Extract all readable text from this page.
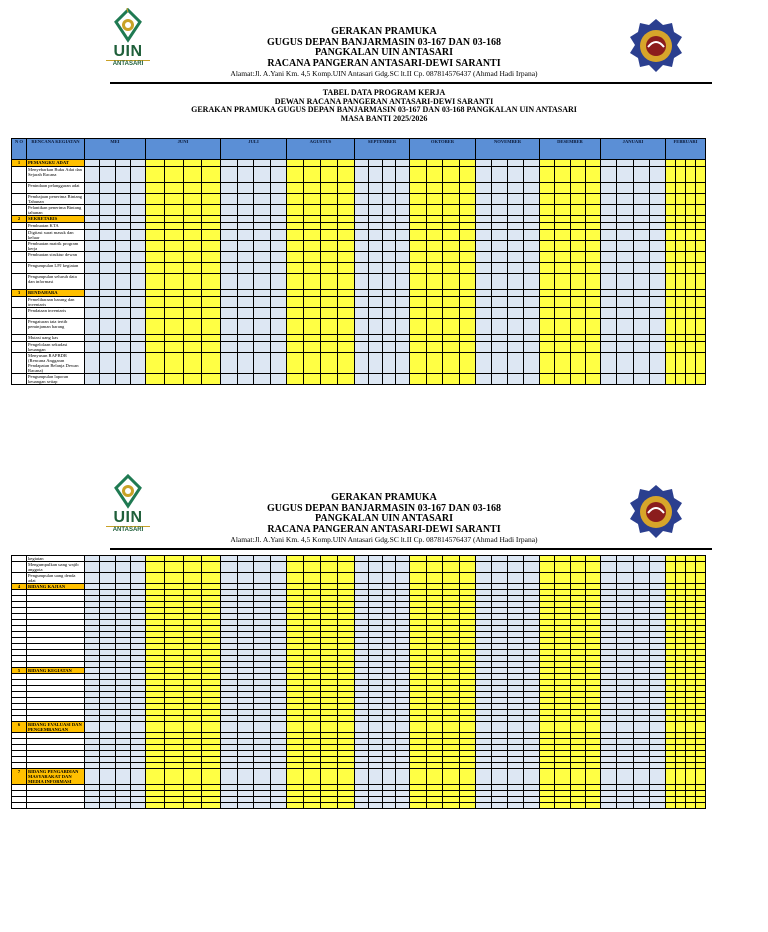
UIN
ANTASARI
GERAKAN PRAMUKA
GUGUS DEPAN BANJARMASIN 03-167 DAN 03-168
PANGKALAN UIN ANTASARI
RACANA PANGERAN ANTASARI-DEWI SARANTI
Alamat:Jl. A.Yani Km. 4,5 Komp.UIN Antasari Gdg.SC lt.II Cp. 087814576437 (Ahmad Hadi Irpana)
TABEL DATA PROGRAM KERJA
DEWAN RACANA PANGERAN ANTASARI-DEWI SARANTI
GERAKAN PRAMUKA GUGUS DEPAN BANJARMASIN 03-167 DAN 03-168 PANGKALAN UIN ANTASARI
MASA BANTI 2025/2026
N O	RENCANA KEGIATAN	MEI				JUNI				JULI				AGUSTUS				SEPTEMBER				OKTOBER				NOVEMBER				DESEMBER				JANUARI				FEBRUARI			
1	PEMANGKU ADAT																																								
	Menyebarkan Buku Adat dan Sejarah Racana																																								
	Penindaan pelanggaran adat																																								
	Pembajaan penerima Bintang Tahunan																																								
	Pelantikan penerima Bintang tahunan																																								
2	SEKRETARIS																																								
	Pembuatan KTA																																								
	Digitasi surat masuk dan keluar																																								
	Pembuatan matrik program kerja																																								
	Pembuatan struktur dewan																																								
	Pengumpulan LPJ kegiatan																																								
	Pengumpulan seluruh data dan informasi																																								
3	BENDAHARA																																								
	Pemeliharaan barang dan inventaris																																								
	Pendataan inventaris																																								
	Pengaturan tata tertib peminjaman barang																																								
	Mutasi uang kas																																								
	Pengelolaan sekudasi keuangan																																								
	Menyusun RAPBDR (Rencana Anggaran Pendapatan Belanja Dewan Racana)																																								
	Pengumpulan laporan keuangan setiap																																								
UIN
ANTASARI
GERAKAN PRAMUKA
GUGUS DEPAN BANJARMASIN 03-167 DAN 03-168
PANGKALAN UIN ANTASARI
RACANA PANGERAN ANTASARI-DEWI SARANTI
Alamat:Jl. A.Yani Km. 4,5 Komp.UIN Antasari Gdg.SC lt.II Cp. 087814576437 (Ahmad Hadi Irpana)
	kegiatan																																								
	Mengumpulkan uang wajib anggota																																								
	Pengumpulan uang denda adat																																								
4	BIDANG KAJIAN																																								

5	BIDANG KEGIATAN																																								

6	BIDANG EVALUASI DAN PENGEMBANGAN																																								

7	BIDANG PENGABDIAN MASYARAKAT DAN MEDIA INFORMASI																																								
